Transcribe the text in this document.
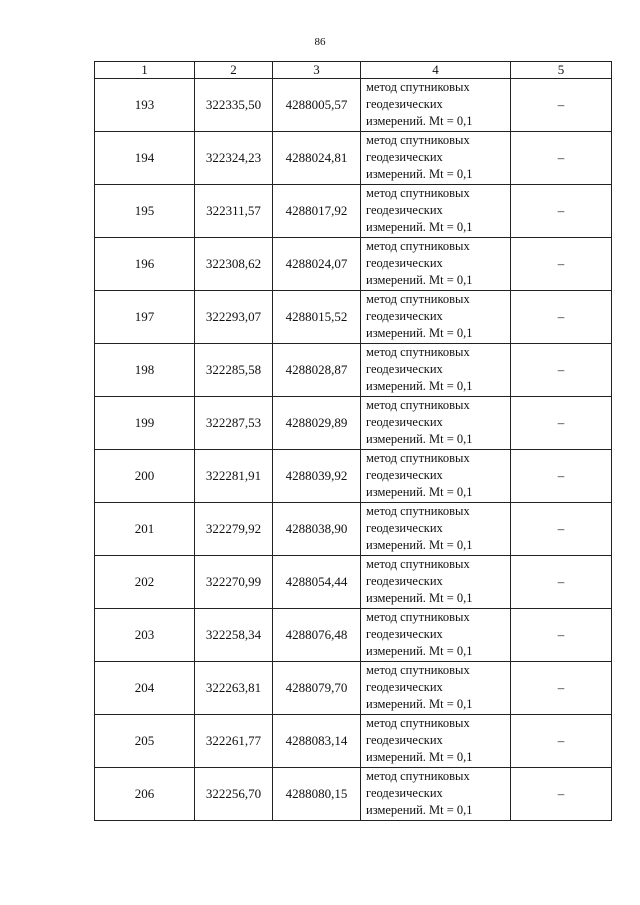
86
1	2	3	4	5
193	322335,50	4288005,57	метод спутниковых
геодезических
измерений. Mt = 0,1	–
194	322324,23	4288024,81	метод спутниковых
геодезических
измерений. Mt = 0,1	–
195	322311,57	4288017,92	метод спутниковых
геодезических
измерений. Mt = 0,1	–
196	322308,62	4288024,07	метод спутниковых
геодезических
измерений. Mt = 0,1	–
197	322293,07	4288015,52	метод спутниковых
геодезических
измерений. Mt = 0,1	–
198	322285,58	4288028,87	метод спутниковых
геодезических
измерений. Mt = 0,1	–
199	322287,53	4288029,89	метод спутниковых
геодезических
измерений. Mt = 0,1	–
200	322281,91	4288039,92	метод спутниковых
геодезических
измерений. Mt = 0,1	–
201	322279,92	4288038,90	метод спутниковых
геодезических
измерений. Mt = 0,1	–
202	322270,99	4288054,44	метод спутниковых
геодезических
измерений. Mt = 0,1	–
203	322258,34	4288076,48	метод спутниковых
геодезических
измерений. Mt = 0,1	–
204	322263,81	4288079,70	метод спутниковых
геодезических
измерений. Mt = 0,1	–
205	322261,77	4288083,14	метод спутниковых
геодезических
измерений. Mt = 0,1	–
206	322256,70	4288080,15	метод спутниковых
геодезических
измерений. Mt = 0,1	–
